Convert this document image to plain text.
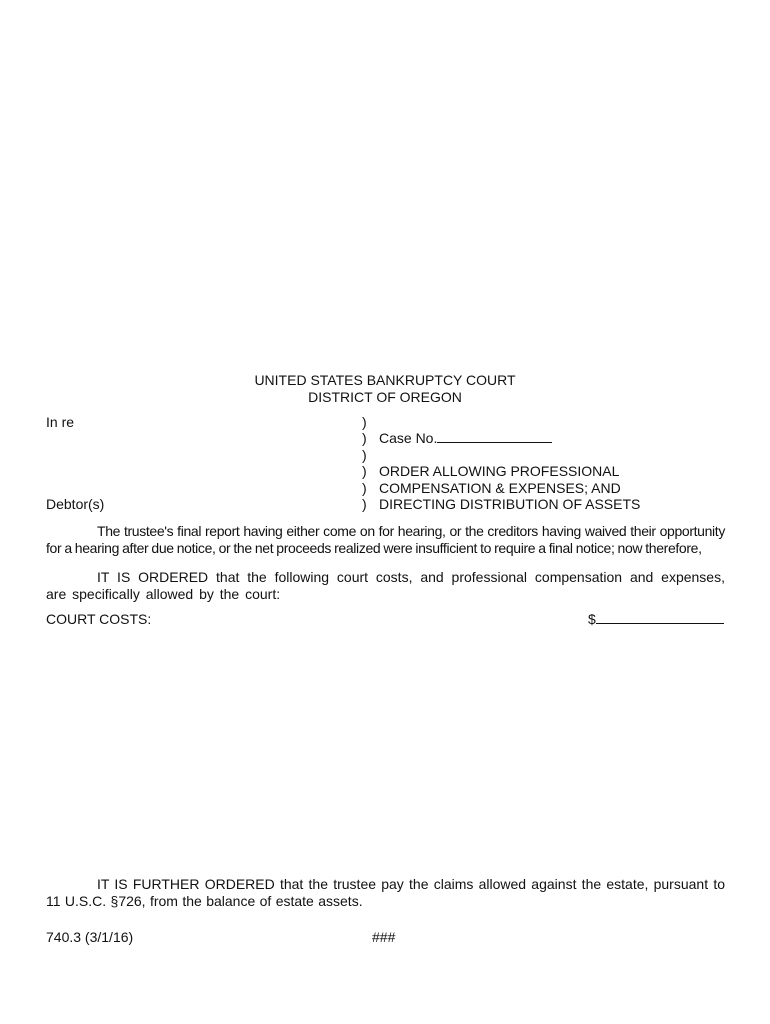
UNITED STATES BANKRUPTCY COURT
DISTRICT OF OREGON
In re
Debtor(s)
)
)
)
)
)
)
Case No.
ORDER ALLOWING PROFESSIONAL
COMPENSATION & EXPENSES; AND
DIRECTING DISTRIBUTION OF ASSETS
The trustee's final report having either come on for hearing, or the creditors having waived their opportunity for a hearing after due notice, or the net proceeds realized were insufficient to require a final notice; now therefore,
IT IS ORDERED that the following court costs, and professional compensation and expenses, are specifically allowed by the court:
COURT COSTS:	$
IT IS FURTHER ORDERED that the trustee pay the claims allowed against the estate, pursuant to 11 U.S.C. §726, from the balance of estate assets.
740.3 (3/1/16)	###
